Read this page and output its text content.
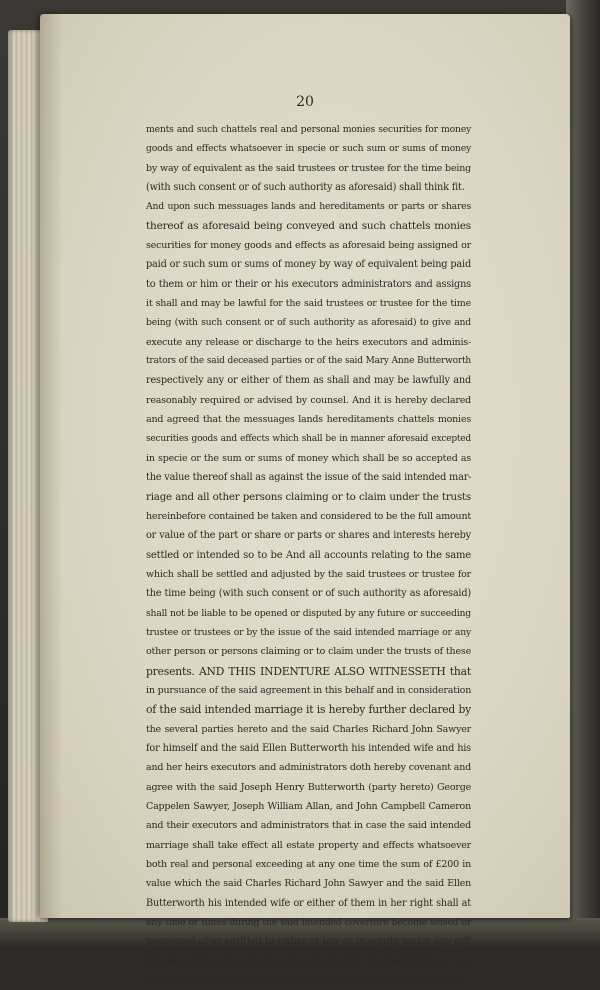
20
ments and such chattels real and personal monies securities for money
goods and effects whatsoever in specie or such sum or sums of money
by way of equivalent as the said trustees or trustee for the time being
(with such consent or of such authority as aforesaid) shall think fit.
And upon such messuages lands and hereditaments or parts or shares
thereof as aforesaid being conveyed and such chattels monies
securities for money goods and effects as aforesaid being assigned or
paid or such sum or sums of money by way of equivalent being paid
to them or him or their or his executors administrators and assigns
it shall and may be lawful for the said trustees or trustee for the time
being (with such consent or of such authority as aforesaid) to give and
execute any release or discharge to the heirs executors and adminis-
trators of the said deceased parties or of the said Mary Anne Butterworth
respectively any or either of them as shall and may be lawfully and
reasonably required or advised by counsel. And it is hereby declared
and agreed that the messuages lands hereditaments chattels monies
securities goods and effects which shall be in manner aforesaid excepted
in specie or the sum or sums of money which shall be so accepted as
the value thereof shall as against the issue of the said intended mar-
riage and all other persons claiming or to claim under the trusts
hereinbefore contained be taken and considered to be the full amount
or value of the part or share or parts or shares and interests hereby
settled or intended so to be And all accounts relating to the same
which shall be settled and adjusted by the said trustees or trustee for
the time being (with such consent or of such authority as aforesaid)
shall not be liable to be opened or disputed by any future or succeeding
trustee or trustees or by the issue of the said intended marriage or any
other person or persons claiming or to claim under the trusts of these
presents. AND THIS INDENTURE ALSO WITNESSETH that
in pursuance of the said agreement in this behalf and in consideration
of the said intended marriage it is hereby further declared by
the several parties hereto and the said Charles Richard John Sawyer
for himself and the said Ellen Butterworth his intended wife and his
and her heirs executors and administrators doth hereby covenant and
agree with the said Joseph Henry Butterworth (party hereto) George
Cappelen Sawyer, Joseph William Allan, and John Campbell Cameron
and their executors and administrators that in case the said intended
marriage shall take effect all estate property and effects whatsoever
both real and personal exceeding at any one time the sum of £200 in
value which the said Charles Richard John Sawyer and the said Ellen
Butterworth his intended wife or either of them in her right shall at
any time or times during the said intended coverture become seised or
possessed of or entitled to either at law or in equity under any gift
devise or bequest in her favour or by descent representation or any
other means whatsoever shall be assured and settled and that the said
